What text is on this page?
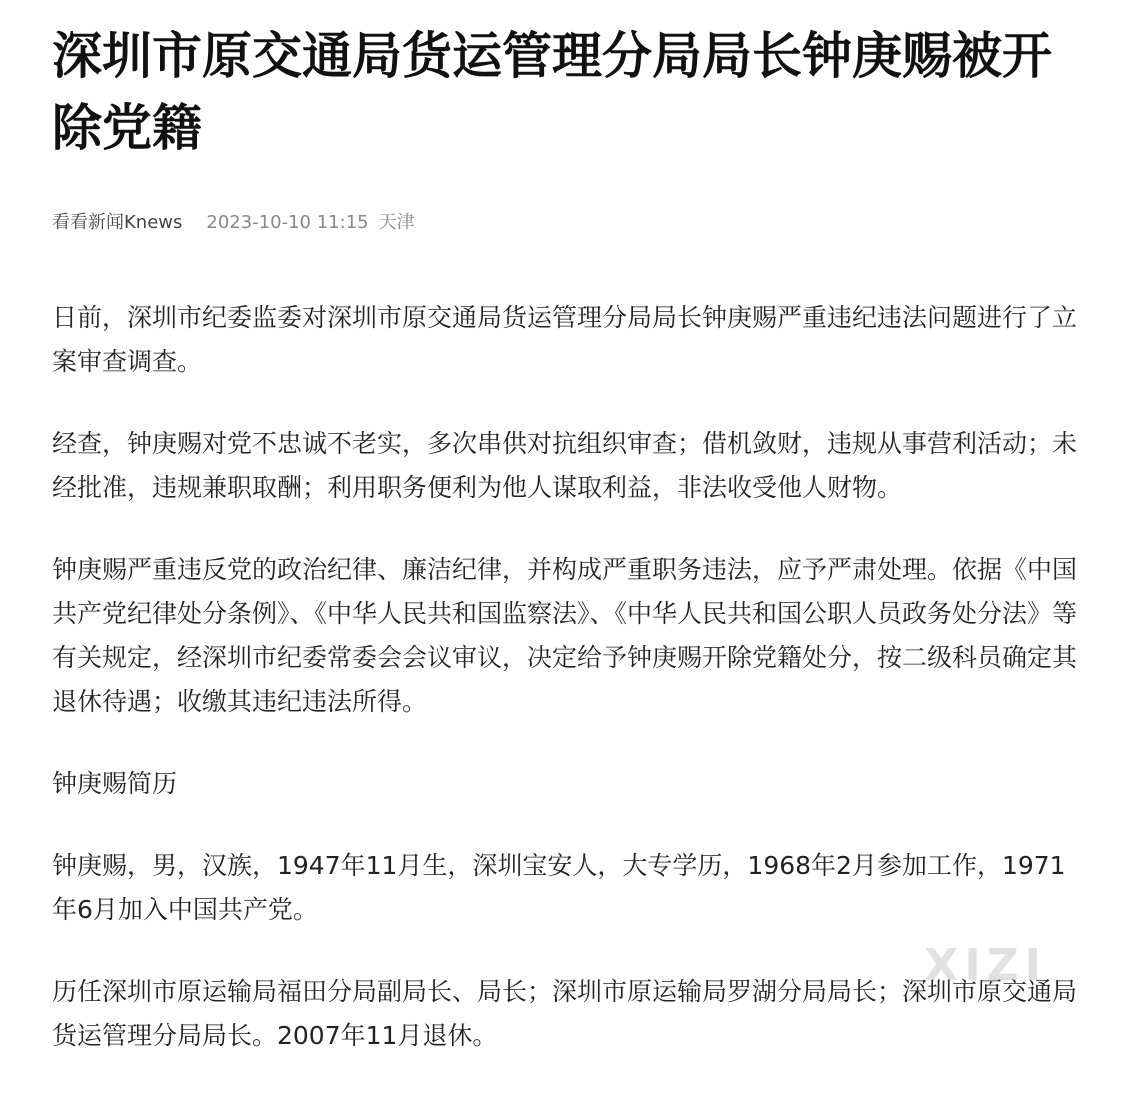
深圳市原交通局货运管理分局局长钟庚赐被开除党籍
看看新闻Knews 2023-10-10 11:15 天津

日前，深圳市纪委监委对深圳市原交通局货运管理分局局长钟庚赐严重违纪违法问题进行了立案审查调查。

经查，钟庚赐对党不忠诚不老实，多次串供对抗组织审查；借机敛财，违规从事营利活动；未经批准，违规兼职取酬；利用职务便利为他人谋取利益，非法收受他人财物。

钟庚赐严重违反党的政治纪律、廉洁纪律，并构成严重职务违法，应予严肃处理。依据《中国共产党纪律处分条例》、《中华人民共和国监察法》、《中华人民共和国公职人员政务处分法》等有关规定，经深圳市纪委常委会会议审议，决定给予钟庚赐开除党籍处分，按二级科员确定其退休待遇；收缴其违纪违法所得。

钟庚赐简历

钟庚赐，男，汉族，1947年11月生，深圳宝安人，大专学历，1968年2月参加工作，1971年6月加入中国共产党。

历任深圳市原运输局福田分局副局长、局长；深圳市原运输局罗湖分局局长；深圳市原交通局货运管理分局局长。2007年11月退休。

XIZI
